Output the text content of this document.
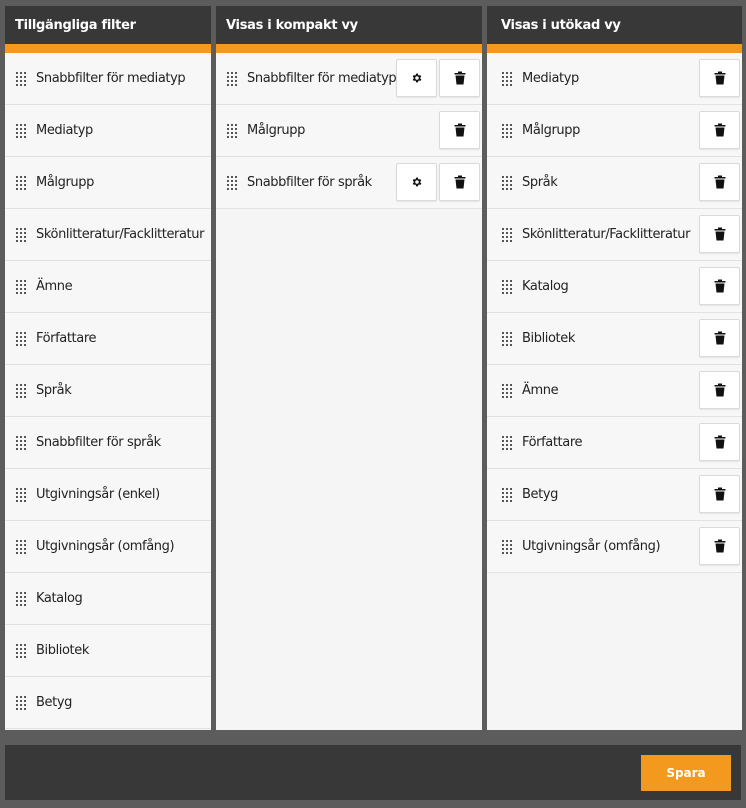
Tillgängliga filter
Snabbfilter för mediatyp
Mediatyp
Målgrupp
Skönlitteratur/Facklitteratur
Ämne
Författare
Språk
Snabbfilter för språk
Utgivningsår (enkel)
Utgivningsår (omfång)
Katalog
Bibliotek
Betyg
Visas i kompakt vy
Snabbfilter för mediatyp
Målgrupp
Snabbfilter för språk
Visas i utökad vy
Mediatyp
Målgrupp
Språk
Skönlitteratur/Facklitteratur
Katalog
Bibliotek
Ämne
Författare
Betyg
Utgivningsår (omfång)
Spara
